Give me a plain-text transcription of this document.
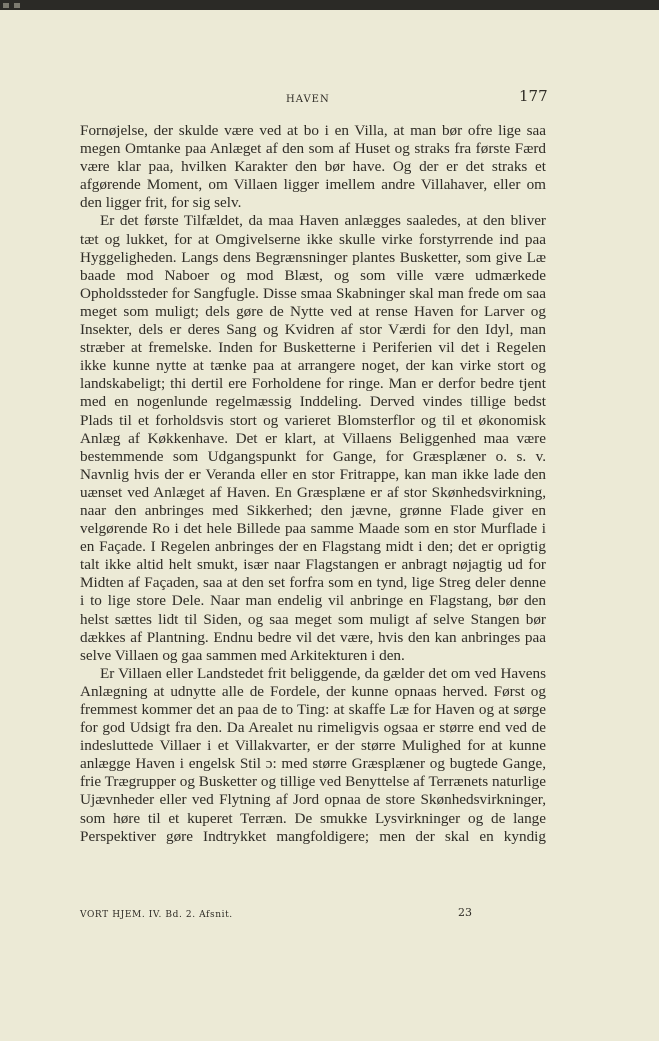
HAVEN	177

Fornøjelse, der skulde være ved at bo i en Villa, at man bør ofre lige saa megen Omtanke paa Anlæget af den som af Huset og straks fra første Færd være klar paa, hvilken Karakter den bør have. Og der er det straks et afgørende Moment, om Villaen ligger imellem andre Villahaver, eller om den ligger frit, for sig selv.

Er det første Tilfældet, da maa Haven anlægges saaledes, at den bliver tæt og lukket, for at Omgivelserne ikke skulle virke forstyrrende ind paa Hyggeligheden. Langs dens Begrænsninger plantes Busketter, som give Læ baade mod Naboer og mod Blæst, og som ville være udmærkede Opholdssteder for Sangfugle. Disse smaa Skabninger skal man frede om saa meget som muligt; dels gøre de Nytte ved at rense Haven for Larver og Insekter, dels er deres Sang og Kvidren af stor Værdi for den Idyl, man stræber at fremelske. Inden for Busketterne i Periferien vil det i Regelen ikke kunne nytte at tænke paa at arrangere noget, der kan virke stort og landskabeligt; thi dertil ere Forholdene for ringe. Man er derfor bedre tjent med en nogenlunde regelmæssig Inddeling. Derved vindes tillige bedst Plads til et forholdsvis stort og varieret Blomsterflor og til et økonomisk Anlæg af Køkkenhave. Det er klart, at Villaens Beliggenhed maa være bestemmende som Udgangspunkt for Gange, for Græsplæner o. s. v. Navnlig hvis der er Veranda eller en stor Fritrappe, kan man ikke lade den uænset ved Anlæget af Haven. En Græsplæne er af stor Skønhedsvirkning, naar den anbringes med Sikkerhed; den jævne, grønne Flade giver en velgørende Ro i det hele Billede paa samme Maade som en stor Murflade i en Façade. I Regelen anbringes der en Flagstang midt i den; det er oprigtig talt ikke altid helt smukt, især naar Flagstangen er anbragt nøjagtig ud for Midten af Façaden, saa at den set forfra som en tynd, lige Streg deler denne i to lige store Dele. Naar man endelig vil anbringe en Flagstang, bør den helst sættes lidt til Siden, og saa meget som muligt af selve Stangen bør dækkes af Plantning. Endnu bedre vil det være, hvis den kan anbringes paa selve Villaen og gaa sammen med Arkitekturen i den.

Er Villaen eller Landstedet frit beliggende, da gælder det om ved Havens Anlægning at udnytte alle de Fordele, der kunne opnaas herved. Først og fremmest kommer det an paa de to Ting: at skaffe Læ for Haven og at sørge for god Udsigt fra den. Da Arealet nu rimeligvis ogsaa er større end ved de indesluttede Villaer i et Villakvarter, er der større Mulighed for at kunne anlægge Haven i engelsk Stil ɔ: med større Græsplæner og bugtede Gange, frie Trægrupper og Busketter og tillige ved Benyttelse af Terrænets naturlige Ujævnheder eller ved Flytning af Jord opnaa de store Skønhedsvirkninger, som høre til et kuperet Terræn. De smukke Lysvirkninger og de lange Perspektiver gøre Indtrykket mangfoldigere; men der skal en kyndig

VORT HJEM. IV. Bd. 2. Afsnit.	23
